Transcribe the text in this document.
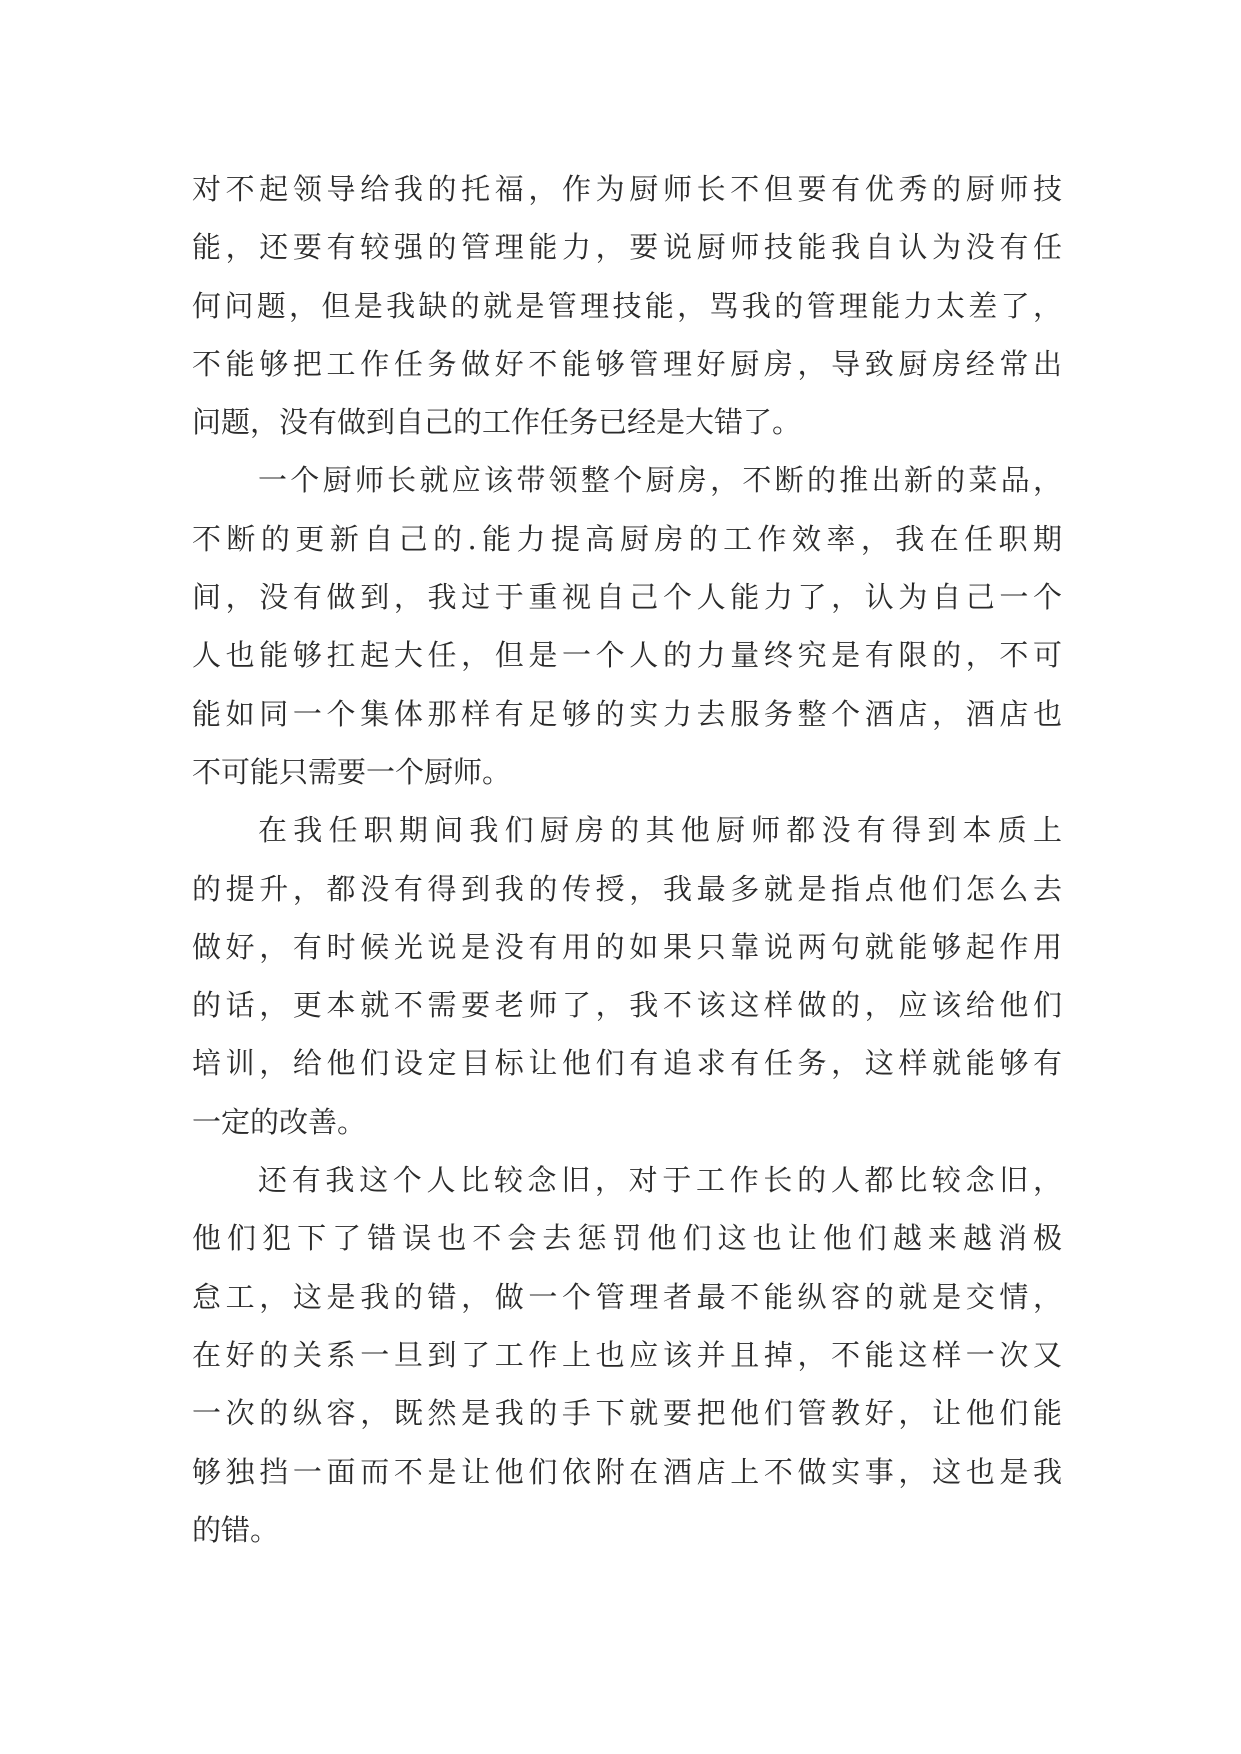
对不起领导给我的托福，作为厨师长不但要有优秀的厨师技
能，还要有较强的管理能力，要说厨师技能我自认为没有任
何问题，但是我缺的就是管理技能，骂我的管理能力太差了，
不能够把工作任务做好不能够管理好厨房，导致厨房经常出
问题，没有做到自己的工作任务已经是大错了。
一个厨师长就应该带领整个厨房，不断的推出新的菜品，
不断的更新自己的.能力提高厨房的工作效率，我在任职期
间，没有做到，我过于重视自己个人能力了，认为自己一个
人也能够扛起大任，但是一个人的力量终究是有限的，不可
能如同一个集体那样有足够的实力去服务整个酒店，酒店也
不可能只需要一个厨师。
在我任职期间我们厨房的其他厨师都没有得到本质上
的提升，都没有得到我的传授，我最多就是指点他们怎么去
做好，有时候光说是没有用的如果只靠说两句就能够起作用
的话，更本就不需要老师了，我不该这样做的，应该给他们
培训，给他们设定目标让他们有追求有任务，这样就能够有
一定的改善。
还有我这个人比较念旧，对于工作长的人都比较念旧，
他们犯下了错误也不会去惩罚他们这也让他们越来越消极
怠工，这是我的错，做一个管理者最不能纵容的就是交情，
在好的关系一旦到了工作上也应该并且掉，不能这样一次又
一次的纵容，既然是我的手下就要把他们管教好，让他们能
够独挡一面而不是让他们依附在酒店上不做实事，这也是我
的错。
